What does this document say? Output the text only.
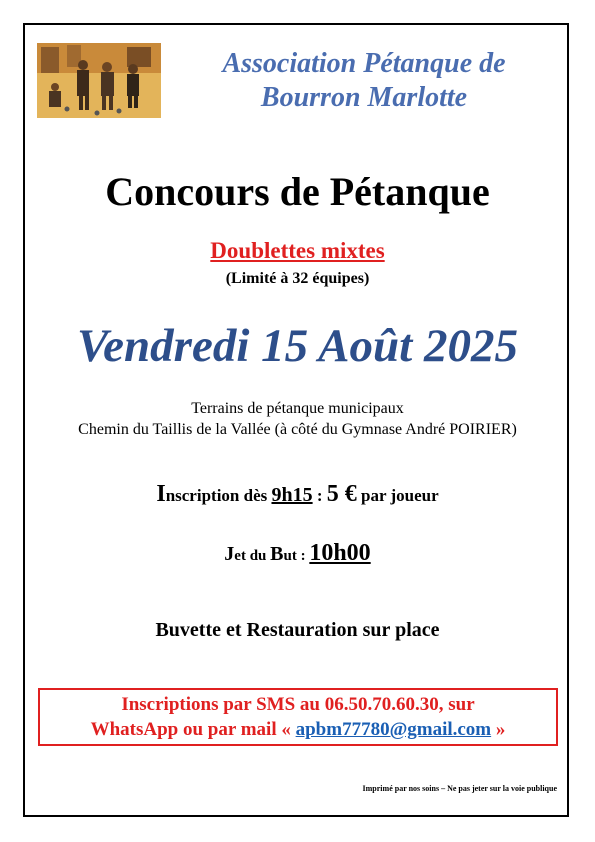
Association Pétanque de
Bourron Marlotte
Concours de Pétanque
Doublettes mixtes
(Limité à 32 équipes)
Vendredi 15 Août 2025
Terrains de pétanque municipaux
Chemin du Taillis de la Vallée (à côté du Gymnase André POIRIER)
Inscription dès 9h15 : 5 € par joueur
Jet du But : 10h00
Buvette et Restauration sur place
Inscriptions par SMS au 06.50.70.60.30, sur
WhatsApp ou par mail « apbm77780@gmail.com »
Imprimé par nos soins – Ne pas jeter sur la voie publique
